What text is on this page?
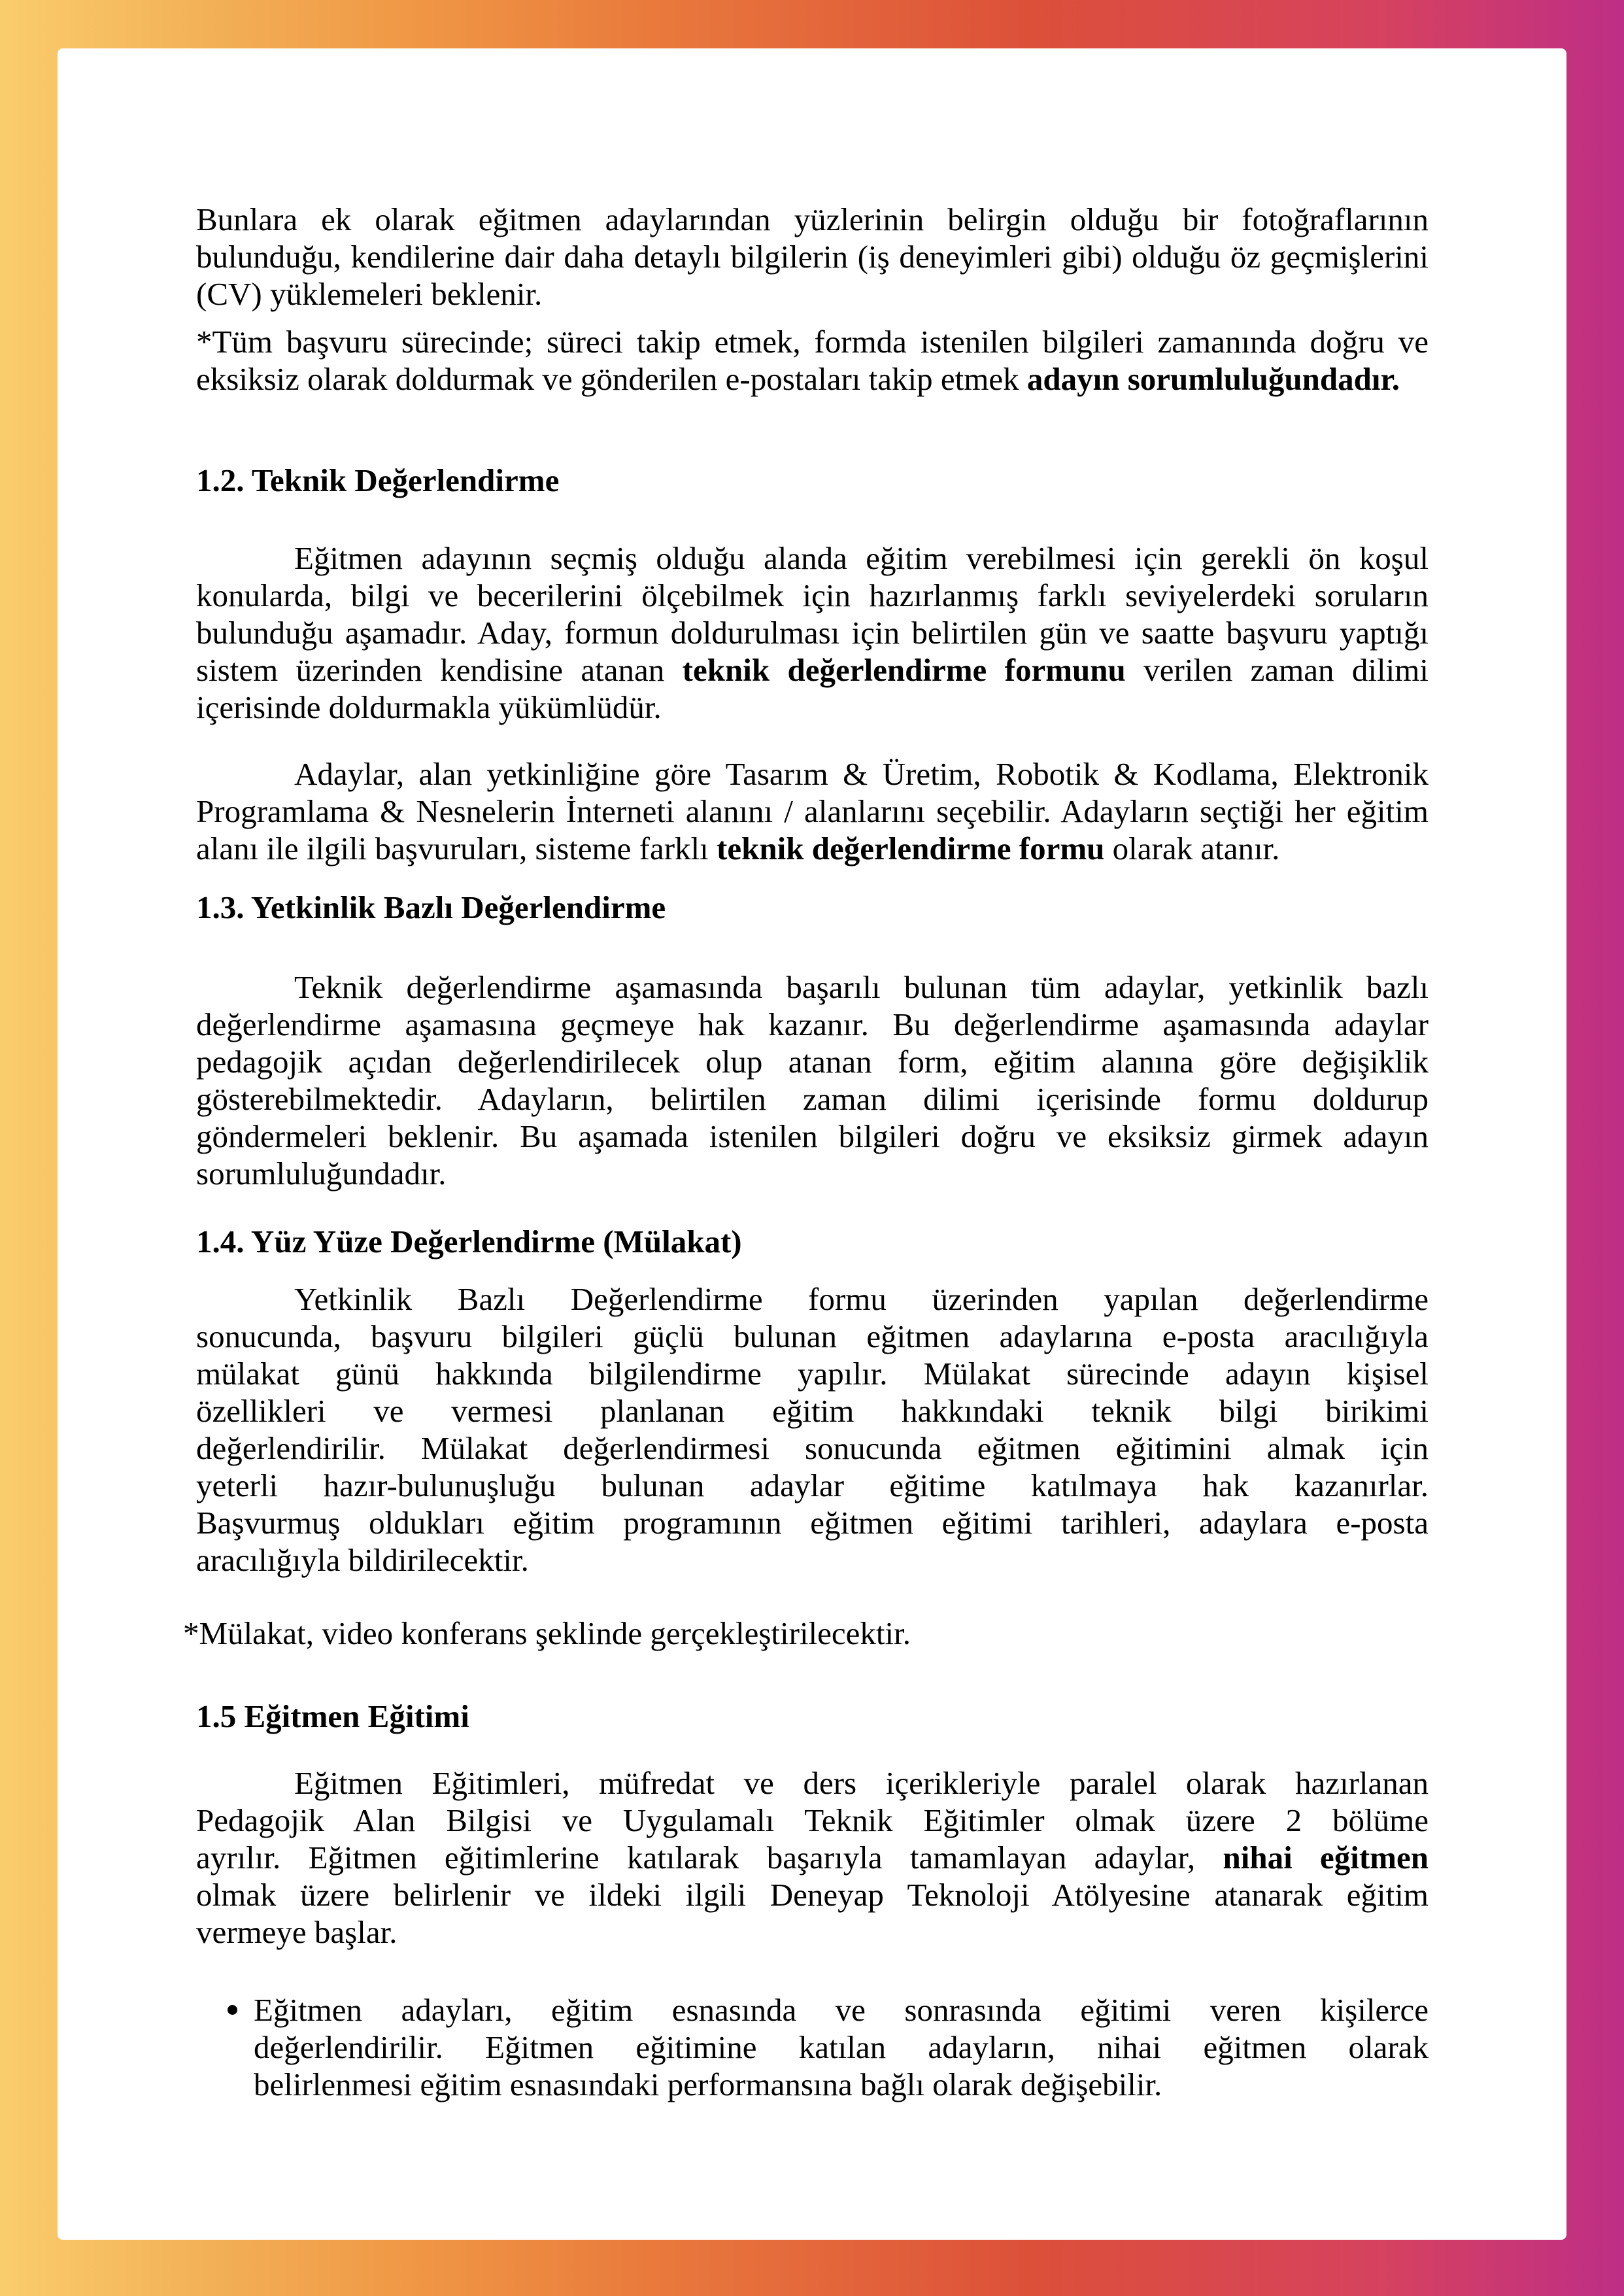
Bunlara ek olarak eğitmen adaylarından yüzlerinin belirgin olduğu bir fotoğraflarının
bulunduğu, kendilerine dair daha detaylı bilgilerin (iş deneyimleri gibi) olduğu öz geçmişlerini
(CV) yüklemeleri beklenir.
*Tüm başvuru sürecinde; süreci takip etmek, formda istenilen bilgileri zamanında doğru ve
eksiksiz olarak doldurmak ve gönderilen e-postaları takip etmek adayın sorumluluğundadır.
1.2. Teknik Değerlendirme
Eğitmen adayının seçmiş olduğu alanda eğitim verebilmesi için gerekli ön koşul
konularda, bilgi ve becerilerini ölçebilmek için hazırlanmış farklı seviyelerdeki soruların
bulunduğu aşamadır. Aday, formun doldurulması için belirtilen gün ve saatte başvuru yaptığı
sistem üzerinden kendisine atanan teknik değerlendirme formunu verilen zaman dilimi
içerisinde doldurmakla yükümlüdür.
Adaylar, alan yetkinliğine göre Tasarım & Üretim, Robotik & Kodlama, Elektronik
Programlama & Nesnelerin İnterneti alanını / alanlarını seçebilir. Adayların seçtiği her eğitim
alanı ile ilgili başvuruları, sisteme farklı teknik değerlendirme formu olarak atanır.
1.3. Yetkinlik Bazlı Değerlendirme
Teknik değerlendirme aşamasında başarılı bulunan tüm adaylar, yetkinlik bazlı
değerlendirme aşamasına geçmeye hak kazanır. Bu değerlendirme aşamasında adaylar
pedagojik açıdan değerlendirilecek olup atanan form, eğitim alanına göre değişiklik
gösterebilmektedir. Adayların, belirtilen zaman dilimi içerisinde formu doldurup
göndermeleri beklenir. Bu aşamada istenilen bilgileri doğru ve eksiksiz girmek adayın
sorumluluğundadır.
1.4. Yüz Yüze Değerlendirme (Mülakat)
Yetkinlik Bazlı Değerlendirme formu üzerinden yapılan değerlendirme
sonucunda, başvuru bilgileri güçlü bulunan eğitmen adaylarına e-posta aracılığıyla
mülakat günü hakkında bilgilendirme yapılır. Mülakat sürecinde adayın kişisel
özellikleri ve vermesi planlanan eğitim hakkındaki teknik bilgi birikimi
değerlendirilir. Mülakat değerlendirmesi sonucunda eğitmen eğitimini almak için
yeterli hazır-bulunuşluğu bulunan adaylar eğitime katılmaya hak kazanırlar.
Başvurmuş oldukları eğitim programının eğitmen eğitimi tarihleri, adaylara e-posta
aracılığıyla bildirilecektir.
*Mülakat, video konferans şeklinde gerçekleştirilecektir.
1.5 Eğitmen Eğitimi
Eğitmen Eğitimleri, müfredat ve ders içerikleriyle paralel olarak hazırlanan
Pedagojik Alan Bilgisi ve Uygulamalı Teknik Eğitimler olmak üzere 2 bölüme
ayrılır. Eğitmen eğitimlerine katılarak başarıyla tamamlayan adaylar, nihai eğitmen
olmak üzere belirlenir ve ildeki ilgili Deneyap Teknoloji Atölyesine atanarak eğitim
vermeye başlar.
Eğitmen adayları, eğitim esnasında ve sonrasında eğitimi veren kişilerce
değerlendirilir. Eğitmen eğitimine katılan adayların, nihai eğitmen olarak
belirlenmesi eğitim esnasındaki performansına bağlı olarak değişebilir.
